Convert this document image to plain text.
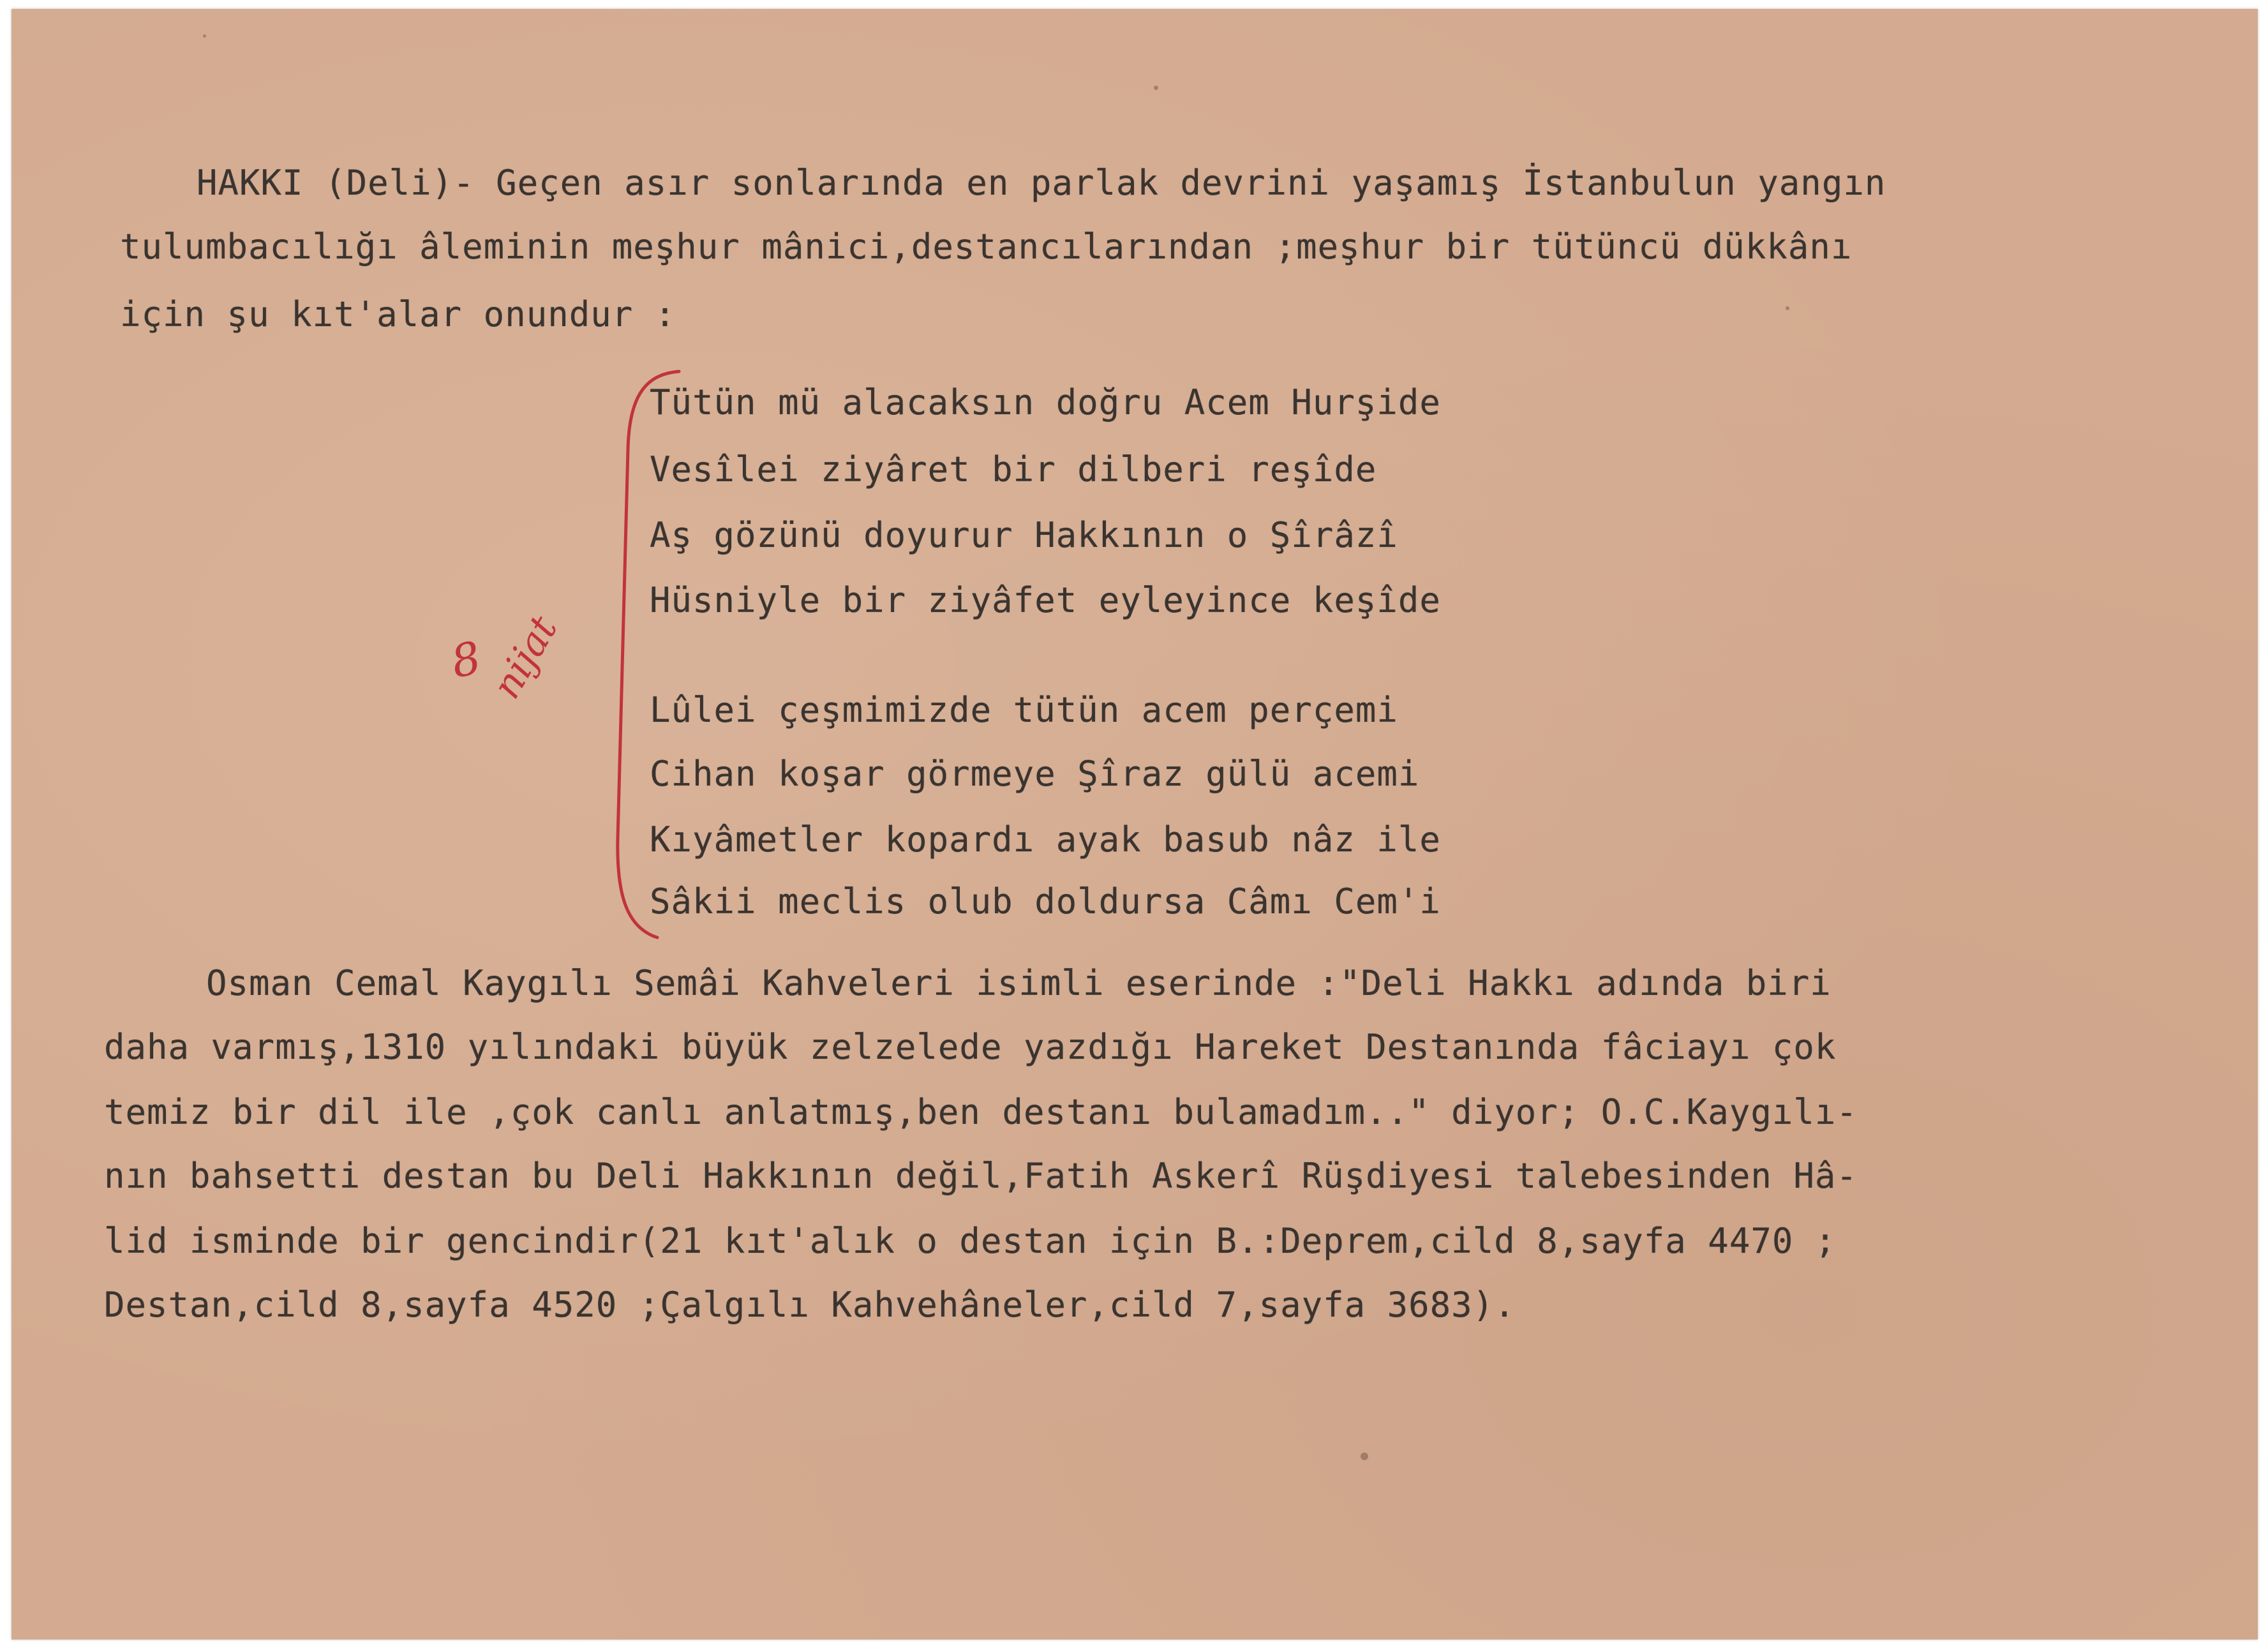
HAKKI (Deli)- Geçen asır sonlarında en parlak devrini yaşamış İstanbulun yangın
tulumbacılığı âleminin meşhur mânici,destancılarından ;meşhur bir tütüncü dükkânı
için şu kıt'alar onundur :
8
nijat
Tütün mü alacaksın doğru Acem Hurşide
Vesîlei ziyâret bir dilberi reşîde
Aş gözünü doyurur Hakkının o Şîrâzî
Hüsniyle bir ziyâfet eyleyince keşîde
Lûlei çeşmimizde tütün acem perçemi
Cihan koşar görmeye Şîraz gülü acemi
Kıyâmetler kopardı ayak basub nâz ile
Sâkii meclis olub doldursa Câmı Cem'i
Osman Cemal Kaygılı Semâi Kahveleri isimli eserinde :"Deli Hakkı adında biri
daha varmış,1310 yılındaki büyük zelzelede yazdığı Hareket Destanında fâciayı çok
temiz bir dil ile ,çok canlı anlatmış,ben destanı bulamadım.." diyor; O.C.Kaygılı-
nın bahsetti destan bu Deli Hakkının değil,Fatih Askerî Rüşdiyesi talebesinden Hâ-
lid isminde bir gencindir(21 kıt'alık o destan için B.:Deprem,cild 8,sayfa 4470 ;
Destan,cild 8,sayfa 4520 ;Çalgılı Kahvehâneler,cild 7,sayfa 3683).
